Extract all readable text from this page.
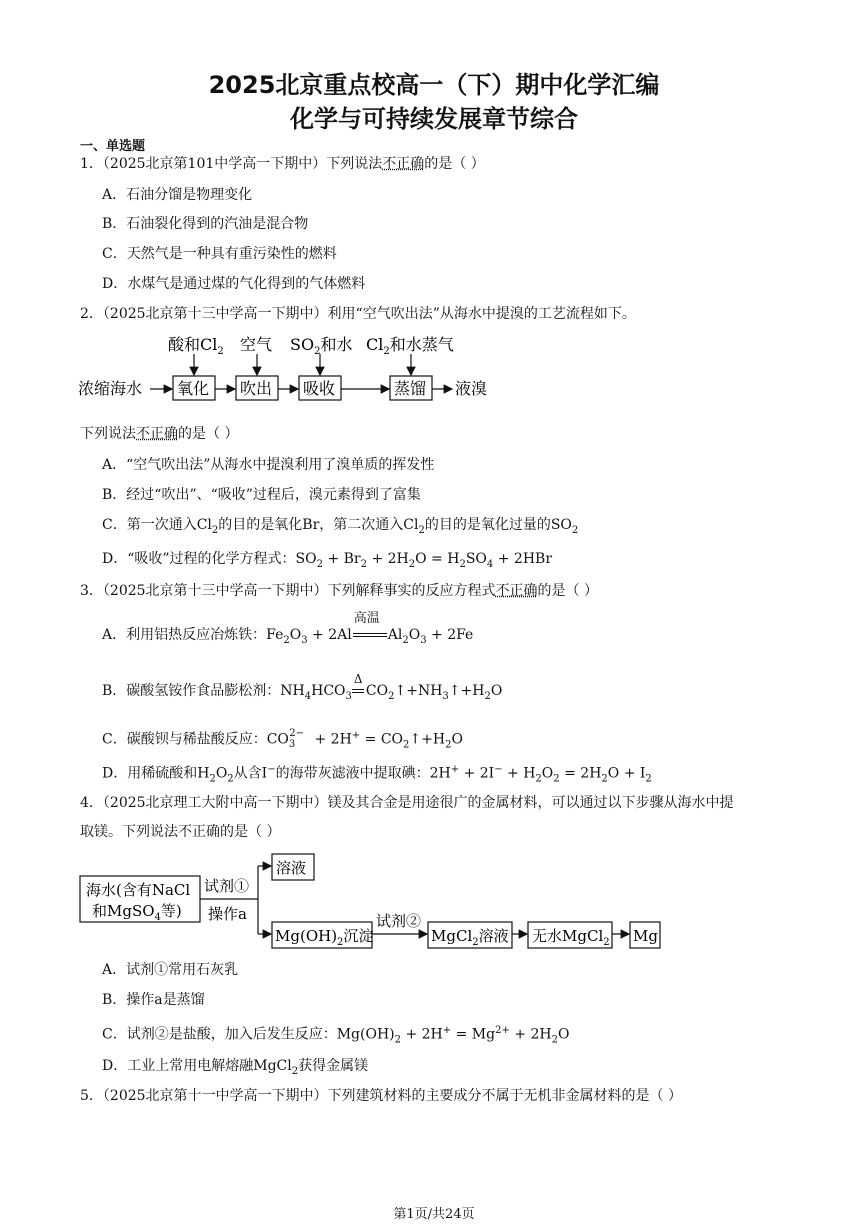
2025北京重点校高一（下）期中化学汇编
化学与可持续发展章节综合
一、单选题
1．（2025北京第101中学高一下期中）下列说法不正确的是（ ）
A．石油分馏是物理变化
B．石油裂化得到的汽油是混合物
C．天然气是一种具有重污染性的燃料
D．水煤气是通过煤的气化得到的气体燃料
2．（2025北京第十三中学高一下期中）利用“空气吹出法”从海水中提溴的工艺流程如下。
浓缩海水 氧化 吹出 吸收	蒸馏 液溴
酸和$Cl_2$ 空气 $SO_2$和水 $Cl_2$和水蒸气
下列说法不正确的是（ ）
A．“空气吹出法”从海水中提溴利用了溴单质的挥发性
B．经过“吹出”、“吸收”过程后，溴元素得到了富集
C．第一次通入$Cl_2$的目的是氧化Br，第二次通入$Cl_2$的目的是氧化过量的$SO_2$
D．“吸收”过程的化学方程式：$SO_2 + Br_2 + 2H_2O = H_2SO_4 + 2HBr$
3．（2025北京第十三中学高一下期中）下列解释事实的反应方程式不正确的是（ ）
A．利用铝热反应冶炼铁：$Fe_2O_3 + 2Al$
高温
$Al_2O_3 + 2Fe$
B．碳酸氢铵作食品膨松剂：$NH_4HCO_3$
Δ
$CO_2↑+NH_3↑+H_2O$
C．碳酸钡与稀盐酸反应：$CO_3^{2-} + 2H^+$ = $CO_2↑+H_2O$
D．用稀硫酸和$H_2O_2$从含I−的海带灰滤液中提取碘：$2H^+ + 2I^- + H_2O_2 = 2H_2O + I_2$
4．（2025北京理工大附中高一下期中）镁及其合金是用途很广的金属材料，可以通过以下步骤从海水中提
取镁。下列说法不正确的是（ ）
海水(含有NaCl
和MgSO$_4$等)
试剂①
操作a
溶液
$Mg(OH)_2$沉淀
试剂②
MgCl$_2$溶液 无水MgCl$_2$ Mg
A．试剂①常用石灰乳
B．操作a是蒸馏
C．试剂②是盐酸，加入后发生反应：$Mg(OH)_2 + 2H^+ = Mg^{2+} + 2H_2O$
D．工业上常用电解熔融MgCl$_2$获得金属镁
5．（2025北京第十一中学高一下期中）下列建筑材料的主要成分不属于无机非金属材料的是（ ）
第1页/共24页
